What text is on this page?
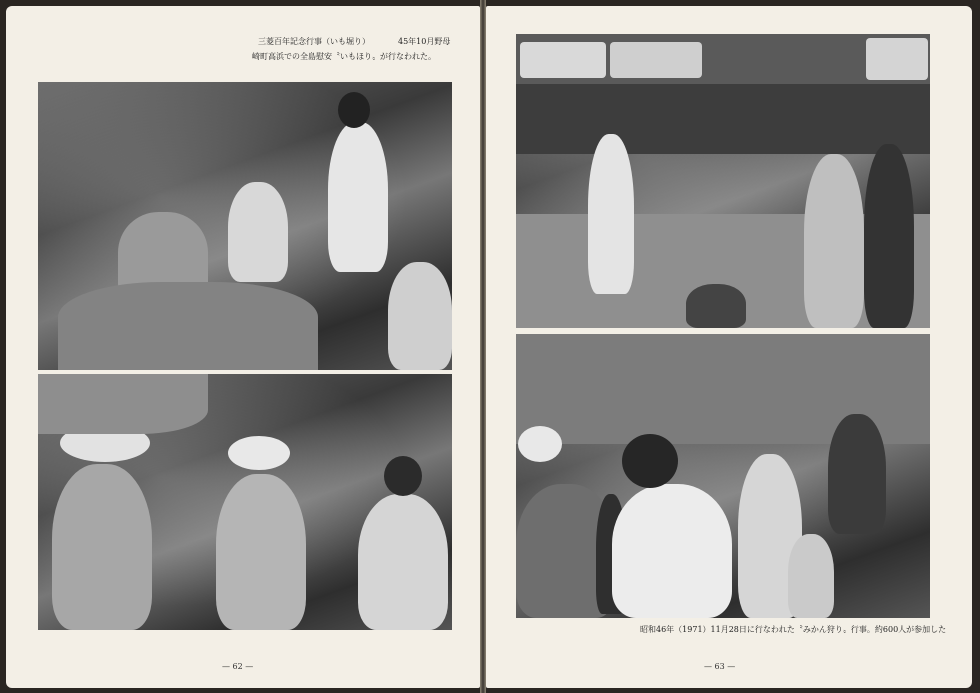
三菱百年記念行事（いも堀り）	45年10月野母
崎町高浜での全島慰安〝いもほり〟が行なわれた。
— 62 —
昭和46年（1971）11月28日に行なわれた〝みかん狩り〟行事。約600人が参加した
— 63 —
